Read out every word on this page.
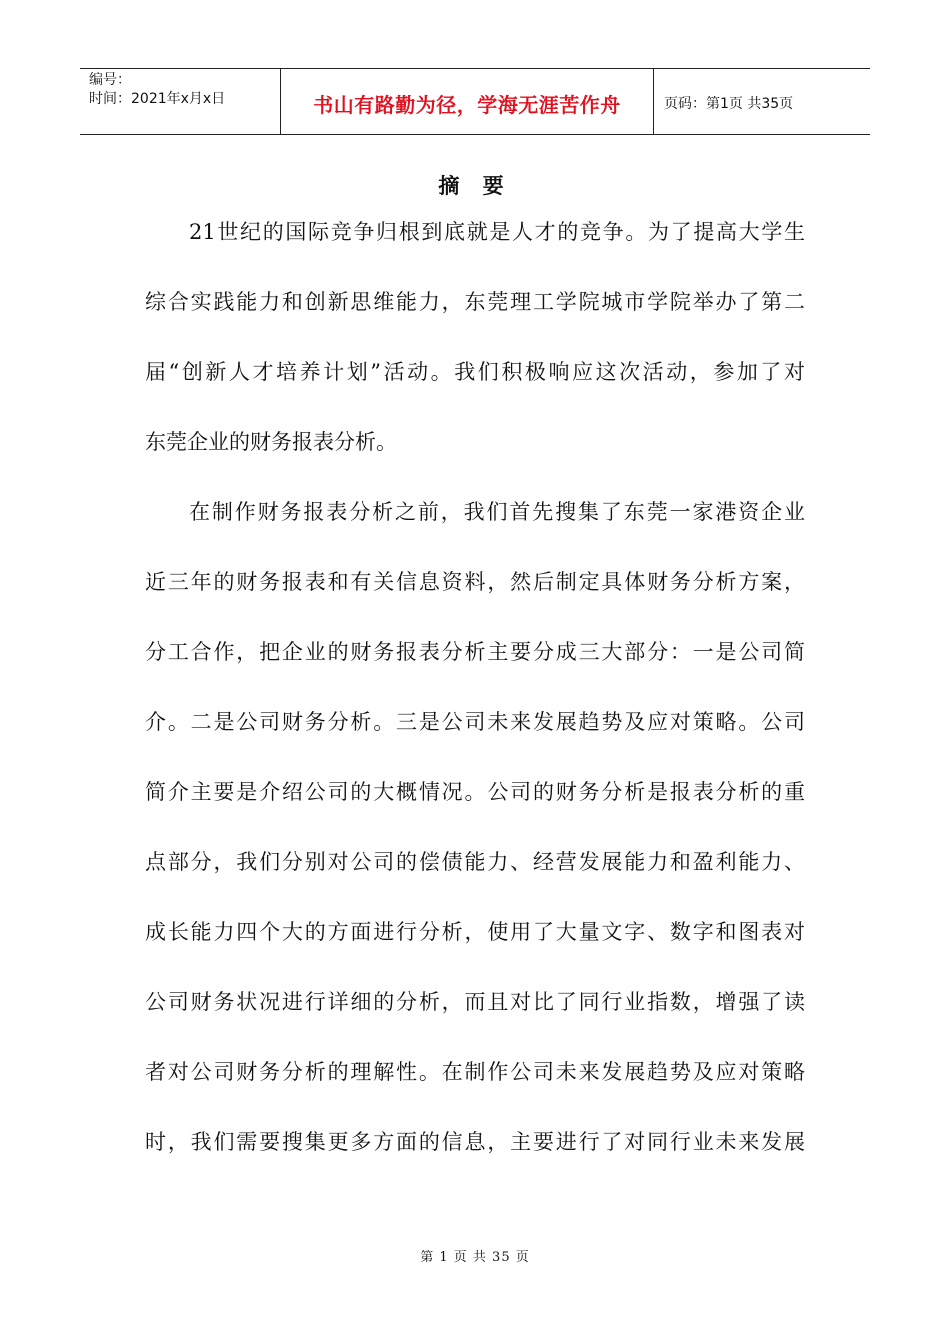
编号：
时间：2021年x月x日	书山有路勤为径，学海无涯苦作舟	页码：第1页 共35页
摘 要
21世纪的国际竞争归根到底就是人才的竞争。为了提高大学生
综合实践能力和创新思维能力，东莞理工学院城市学院举办了第二
届“创新人才培养计划”活动。我们积极响应这次活动，参加了对
东莞企业的财务报表分析。
在制作财务报表分析之前，我们首先搜集了东莞一家港资企业
近三年的财务报表和有关信息资料，然后制定具体财务分析方案，
分工合作，把企业的财务报表分析主要分成三大部分：一是公司简
介。二是公司财务分析。三是公司未来发展趋势及应对策略。公司
简介主要是介绍公司的大概情况。公司的财务分析是报表分析的重
点部分，我们分别对公司的偿债能力、经营发展能力和盈利能力、
成长能力四个大的方面进行分析，使用了大量文字、数字和图表对
公司财务状况进行详细的分析，而且对比了同行业指数，增强了读
者对公司财务分析的理解性。在制作公司未来发展趋势及应对策略
时，我们需要搜集更多方面的信息，主要进行了对同行业未来发展
第 1 页 共 35 页
